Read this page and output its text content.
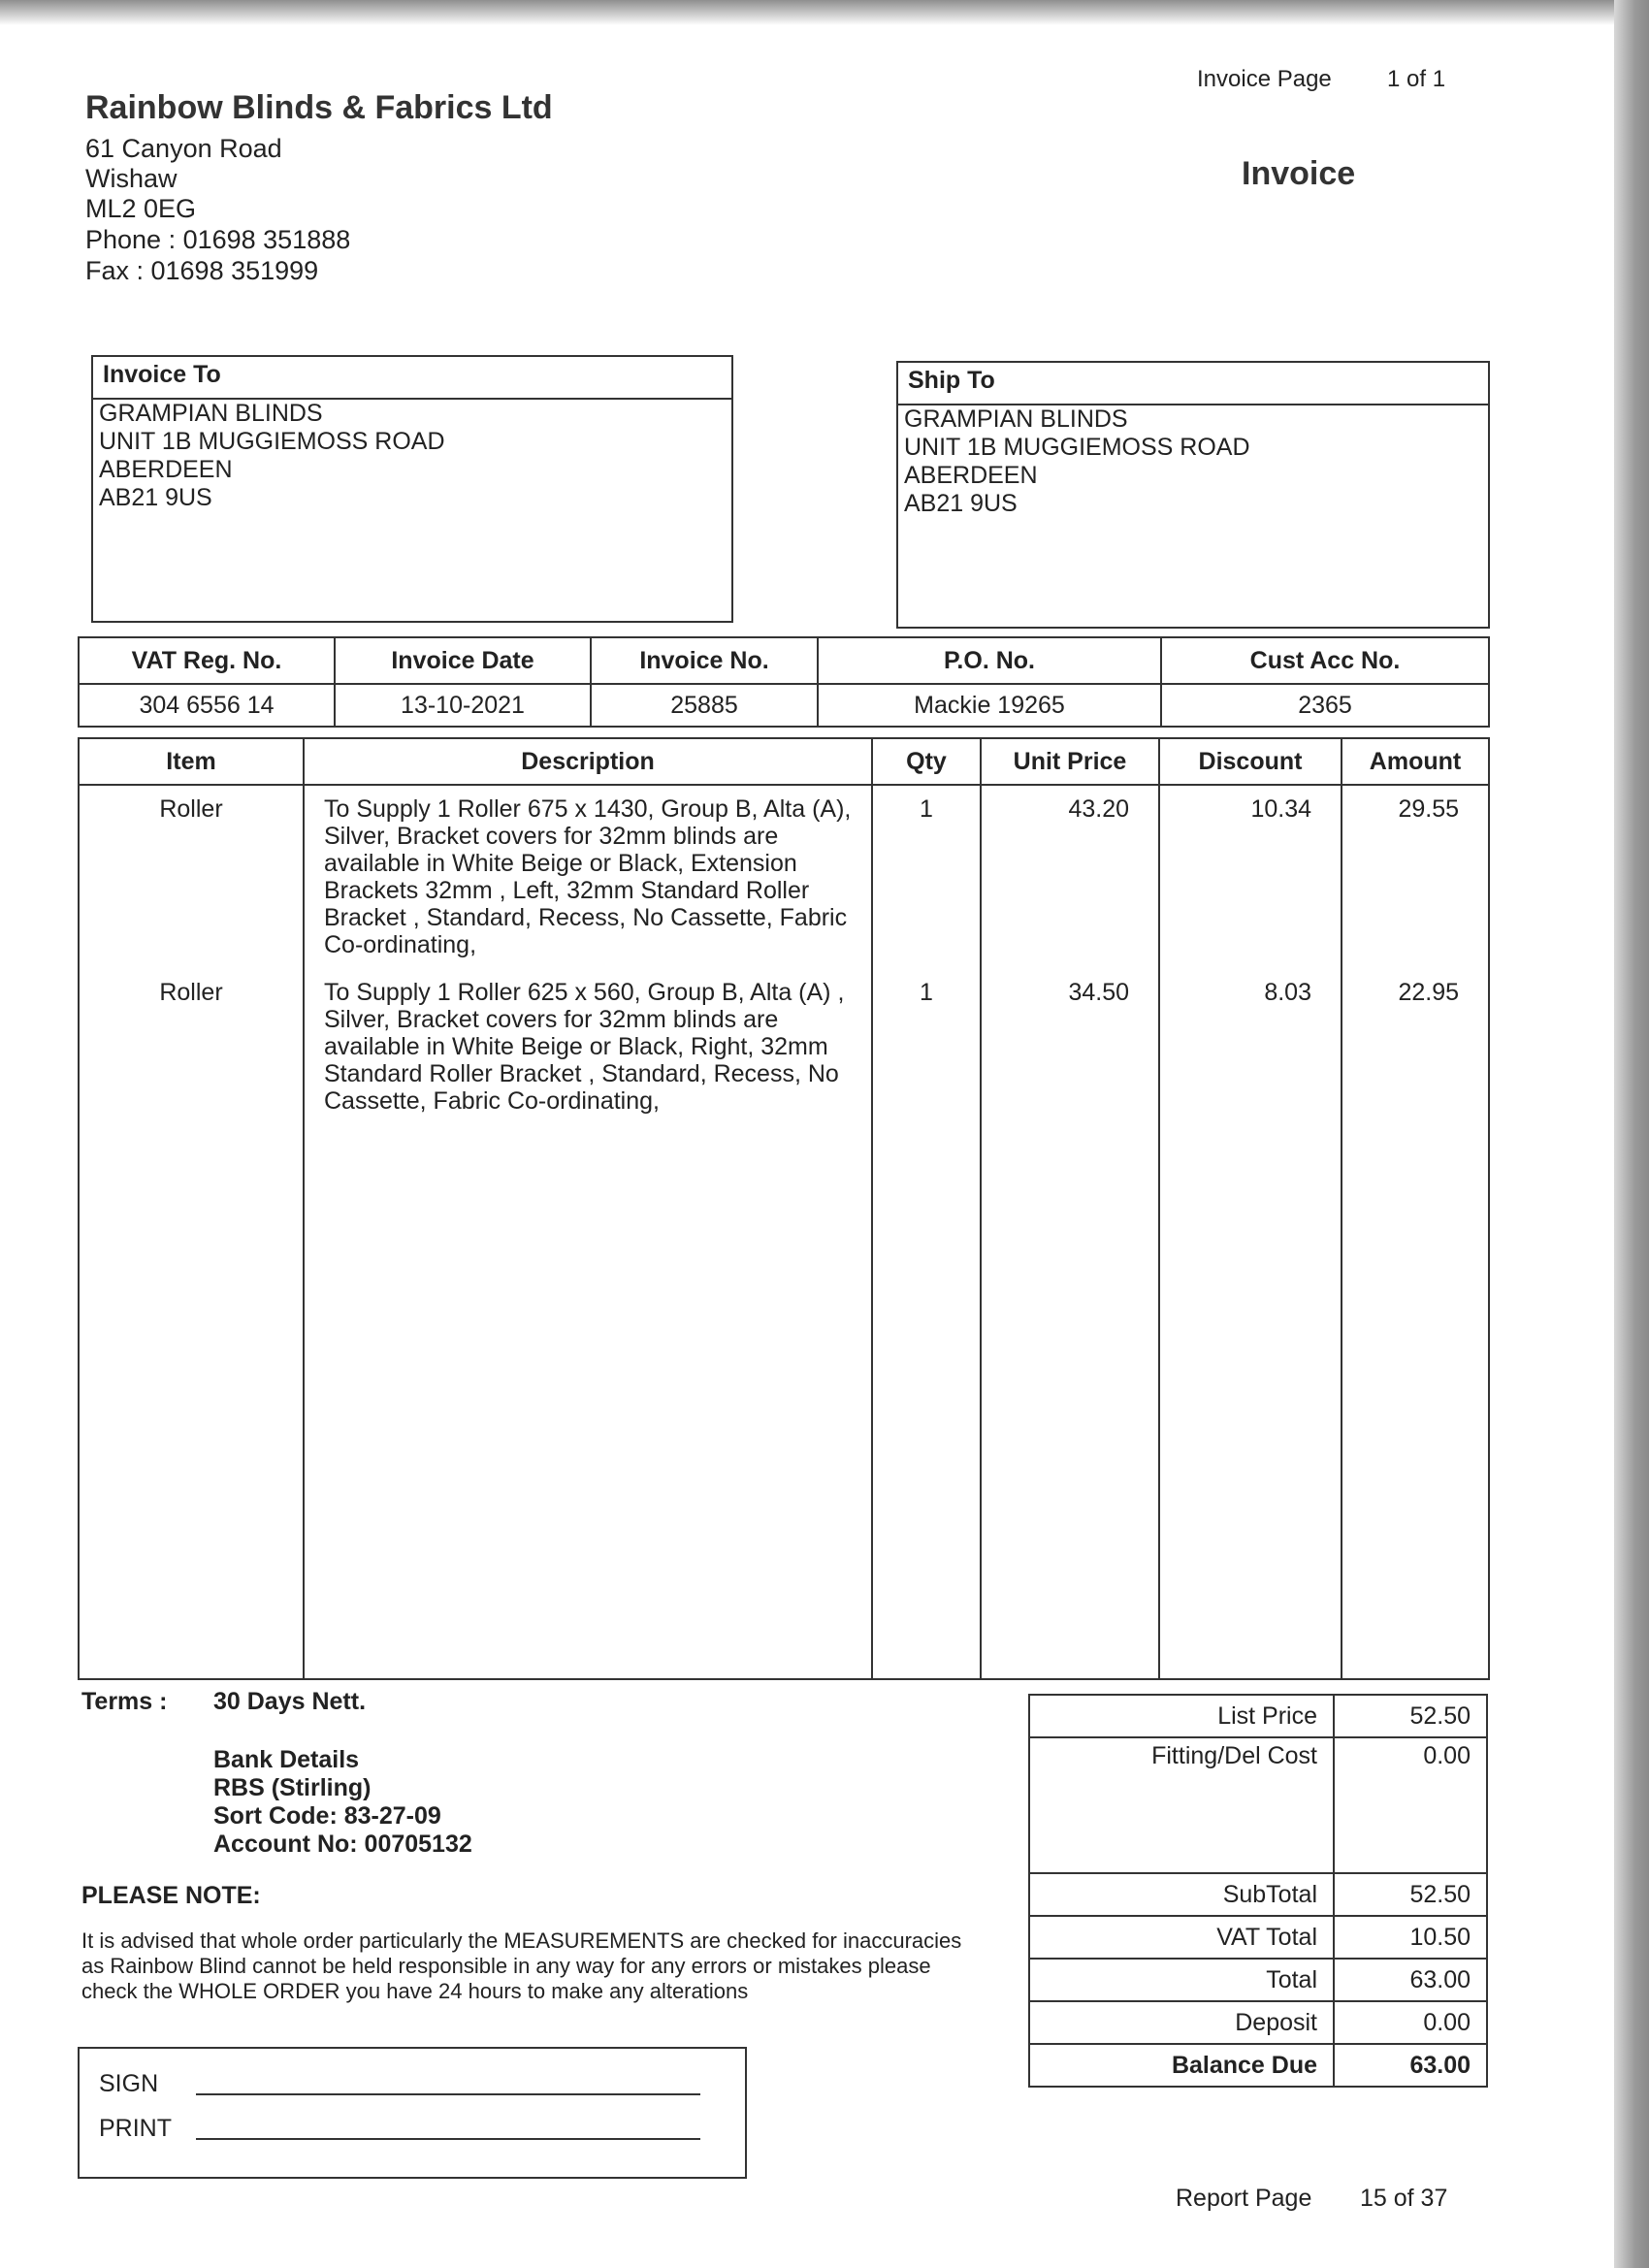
Rainbow Blinds & Fabrics Ltd
61 Canyon Road
Wishaw
ML2 0EG
Phone : 01698 351888
Fax : 01698 351999
Invoice Page 1 of 1
Invoice
Invoice To
GRAMPIAN BLINDS
UNIT 1B MUGGIEMOSS ROAD
ABERDEEN
AB21 9US
Ship To
GRAMPIAN BLINDS
UNIT 1B MUGGIEMOSS ROAD
ABERDEEN
AB21 9US
VAT Reg. No.	Invoice Date	Invoice No.	P.O. No.	Cust Acc No.
304 6556 14	13-10-2021	25885	Mackie 19265	2365
Item	Description	Qty	Unit Price	Discount	Amount
Roller	To Supply 1 Roller 675 x 1430, Group B, Alta (A), Silver, Bracket covers for 32mm blinds are available in White Beige or Black, Extension Brackets 32mm , Left, 32mm Standard Roller Bracket , Standard, Recess, No Cassette, Fabric Co-ordinating,	1	43.20	10.34	29.55
Roller	To Supply 1 Roller 625 x 560, Group B, Alta (A) , Silver, Bracket covers for 32mm blinds are available in White Beige or Black, Right, 32mm Standard Roller Bracket , Standard, Recess, No Cassette, Fabric Co-ordinating,	1	34.50	8.03	22.95
Terms : 30 Days Nett.
Bank Details
RBS (Stirling)
Sort Code: 83-27-09
Account No: 00705132
PLEASE NOTE:
It is advised that whole order particularly the MEASUREMENTS are checked for inaccuracies as Rainbow Blind cannot be held responsible in any way for any errors or mistakes please check the WHOLE ORDER you have 24 hours to make any alterations
List Price	52.50
Fitting/Del Cost	0.00
SubTotal	52.50
VAT Total	10.50
Total	63.00
Deposit	0.00
Balance Due	63.00
SIGN
PRINT
Report Page 15 of 37
